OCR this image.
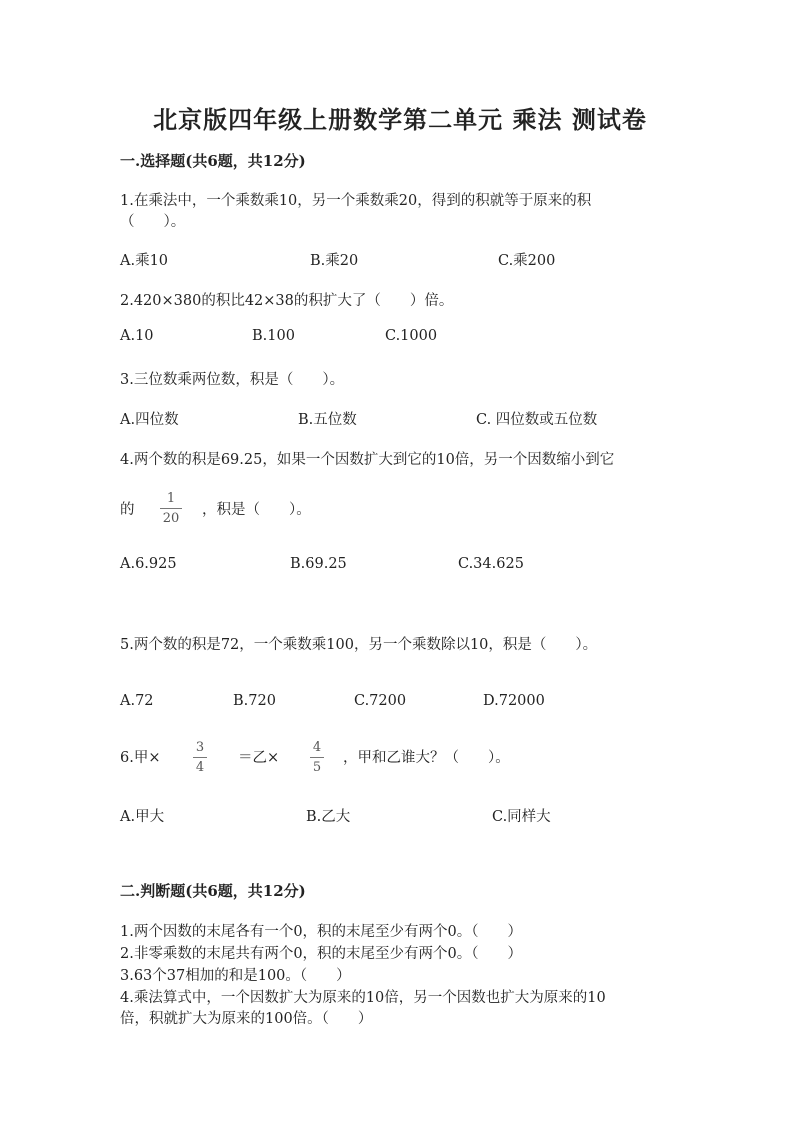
北京版四年级上册数学第二单元 乘法 测试卷
一.选择题(共6题，共12分)
1.在乘法中，一个乘数乘10，另一个乘数乘20，得到的积就等于原来的积
（　　）。
A.乘10	B.乘20	C.乘200
2.420×380的积比42×38的积扩大了（　　）倍。
A.10	B.100	C.1000
3.三位数乘两位数，积是（　　）。
A.四位数	B.五位数	C. 四位数或五位数
4.两个数的积是69.25，如果一个因数扩大到它的10倍，另一个因数缩小到它
的
1
20
，积是（　　）。
A.6.925	B.69.25	C.34.625
5.两个数的积是72，一个乘数乘100，另一个乘数除以10，积是（　　）。
A.72	B.720	C.7200	D.72000
6.甲×
3
4
＝乙×
4
5
，甲和乙谁大？（　　）。
A.甲大	B.乙大	C.同样大
二.判断题(共6题，共12分)
1.两个因数的末尾各有一个0，积的末尾至少有两个0。（　　）
2.非零乘数的末尾共有两个0，积的末尾至少有两个0。（　　）
3.63个37相加的和是100。（　　）
4.乘法算式中，一个因数扩大为原来的10倍，另一个因数也扩大为原来的10
倍，积就扩大为原来的100倍。（　　）
